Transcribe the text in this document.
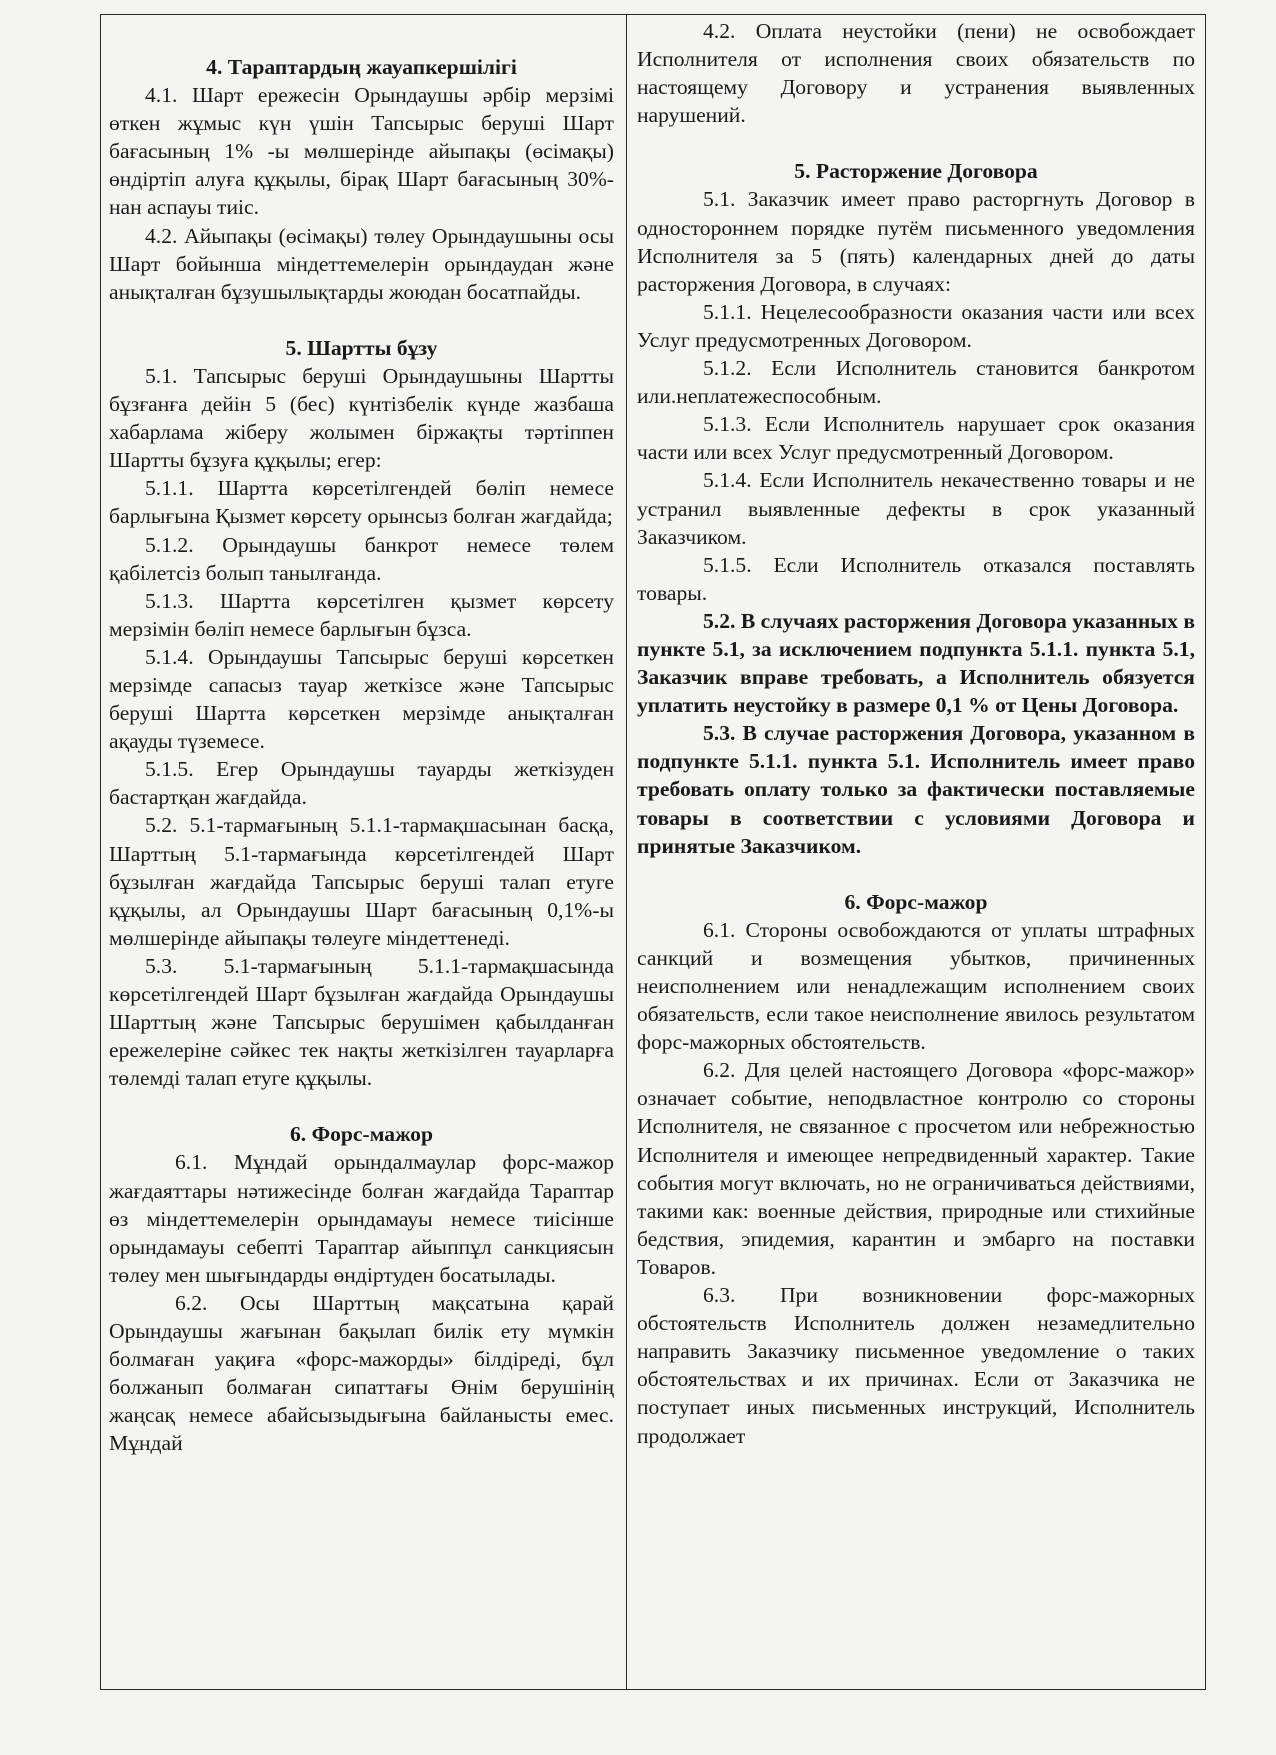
4. Тараптардың жауапкершілігі

4.1. Шарт ережесін Орындаушы әрбір мерзімі өткен жұмыс күн үшін Тапсырыс беруші Шарт бағасының 1% -ы мөлшерінде айыпақы (өсімақы) өндіртіп алуға құқылы, бірақ Шарт бағасының 30%-нан аспауы тиіс.

4.2. Айыпақы (өсімақы) төлеу Орындаушыны осы Шарт бойынша міндеттемелерін орындаудан және анықталған бұзушылықтарды жоюдан босатпайды.

5. Шартты бұзу

5.1. Тапсырыс беруші Орындаушыны Шартты бұзғанға дейін 5 (бес) күнтізбелік күнде жазбаша хабарлама жіберу жолымен біржақты тәртіппен Шартты бұзуға құқылы; егер:

5.1.1. Шартта көрсетілгендей бөліп немесе барлығына Қызмет көрсету орынсыз болған жағдайда;

5.1.2. Орындаушы банкрот немесе төлем қабілетсіз болып танылғанда.

5.1.3. Шартта көрсетілген қызмет көрсету мерзімін бөліп немесе барлығын бұзса.

5.1.4. Орындаушы Тапсырыс беруші көрсеткен мерзімде сапасыз тауар жеткізсе және Тапсырыс беруші Шартта көрсеткен мерзімде анықталған ақауды түземесе.

5.1.5. Егер Орындаушы тауарды жеткізуден бастартқан жағдайда.

5.2. 5.1-тармағының 5.1.1-тармақшасынан басқа, Шарттың 5.1-тармағында көрсетілгендей Шарт бұзылған жағдайда Тапсырыс беруші талап етуге құқылы, ал Орындаушы Шарт бағасының 0,1%-ы мөлшерінде айыпақы төлеуге міндеттенеді.

5.3. 5.1-тармағының 5.1.1-тармақшасында көрсетілгендей Шарт бұзылған жағдайда Орындаушы Шарттың және Тапсырыс берушімен қабылданған ережелеріне сәйкес тек нақты жеткізілген тауарларға төлемді талап етуге құқылы.

6. Форс-мажор

6.1. Мұндай орындалмаулар форс-мажор жағдаяттары нәтижесінде болған жағдайда Тараптар өз міндеттемелерін орындамауы немесе тиісінше орындамауы себепті Тараптар айыппұл санкциясын төлеу мен шығындарды өндіртуден босатылады.

6.2. Осы Шарттың мақсатына қарай Орындаушы жағынан бақылап билік ету мүмкін болмаған уақиға «форс-мажорды» білдіреді, бұл болжанып болмаған сипаттағы Өнім берушінің жаңсақ немесе абайсызыдығына байланысты емес. Мұндай

4.2. Оплата неустойки (пени) не освобождает Исполнителя от исполнения своих обязательств по настоящему Договору и устранения выявленных нарушений.

5. Расторжение Договора

5.1. Заказчик имеет право расторгнуть Договор в одностороннем порядке путём письменного уведомления Исполнителя за 5 (пять) календарных дней до даты расторжения Договора, в случаях:

5.1.1. Нецелесообразности оказания части или всех Услуг предусмотренных Договором.

5.1.2. Если Исполнитель становится банкротом или.неплатежеспособным.

5.1.3. Если Исполнитель нарушает срок оказания части или всех Услуг предусмотренный Договором.

5.1.4. Если Исполнитель некачественно товары и не устранил выявленные дефекты в срок указанный Заказчиком.

5.1.5. Если Исполнитель отказался поставлять товары.

5.2. В случаях расторжения Договора указанных в пункте 5.1, за исключением подпункта 5.1.1. пункта 5.1, Заказчик вправе требовать, а Исполнитель обязуется уплатить неустойку в размере 0,1 % от Цены Договора.

5.3. В случае расторжения Договора, указанном в подпункте 5.1.1. пункта 5.1. Исполнитель имеет право требовать оплату только за фактически поставляемые товары в соответствии с условиями Договора и принятые Заказчиком.

6. Форс-мажор

6.1. Стороны освобождаются от уплаты штрафных санкций и возмещения убытков, причиненных неисполнением или ненадлежащим исполнением своих обязательств, если такое неисполнение явилось результатом форс-мажорных обстоятельств.

6.2. Для целей настоящего Договора «форс-мажор» означает событие, неподвластное контролю со стороны Исполнителя, не связанное с просчетом или небрежностью Исполнителя и имеющее непредвиденный характер. Такие события могут включать, но не ограничиваться действиями, такими как: военные действия, природные или стихийные бедствия, эпидемия, карантин и эмбарго на поставки Товаров.

6.3. При возникновении форс-мажорных обстоятельств Исполнитель должен незамедлительно направить Заказчику письменное уведомление о таких обстоятельствах и их причинах. Если от Заказчика не поступает иных письменных инструкций, Исполнитель продолжает
